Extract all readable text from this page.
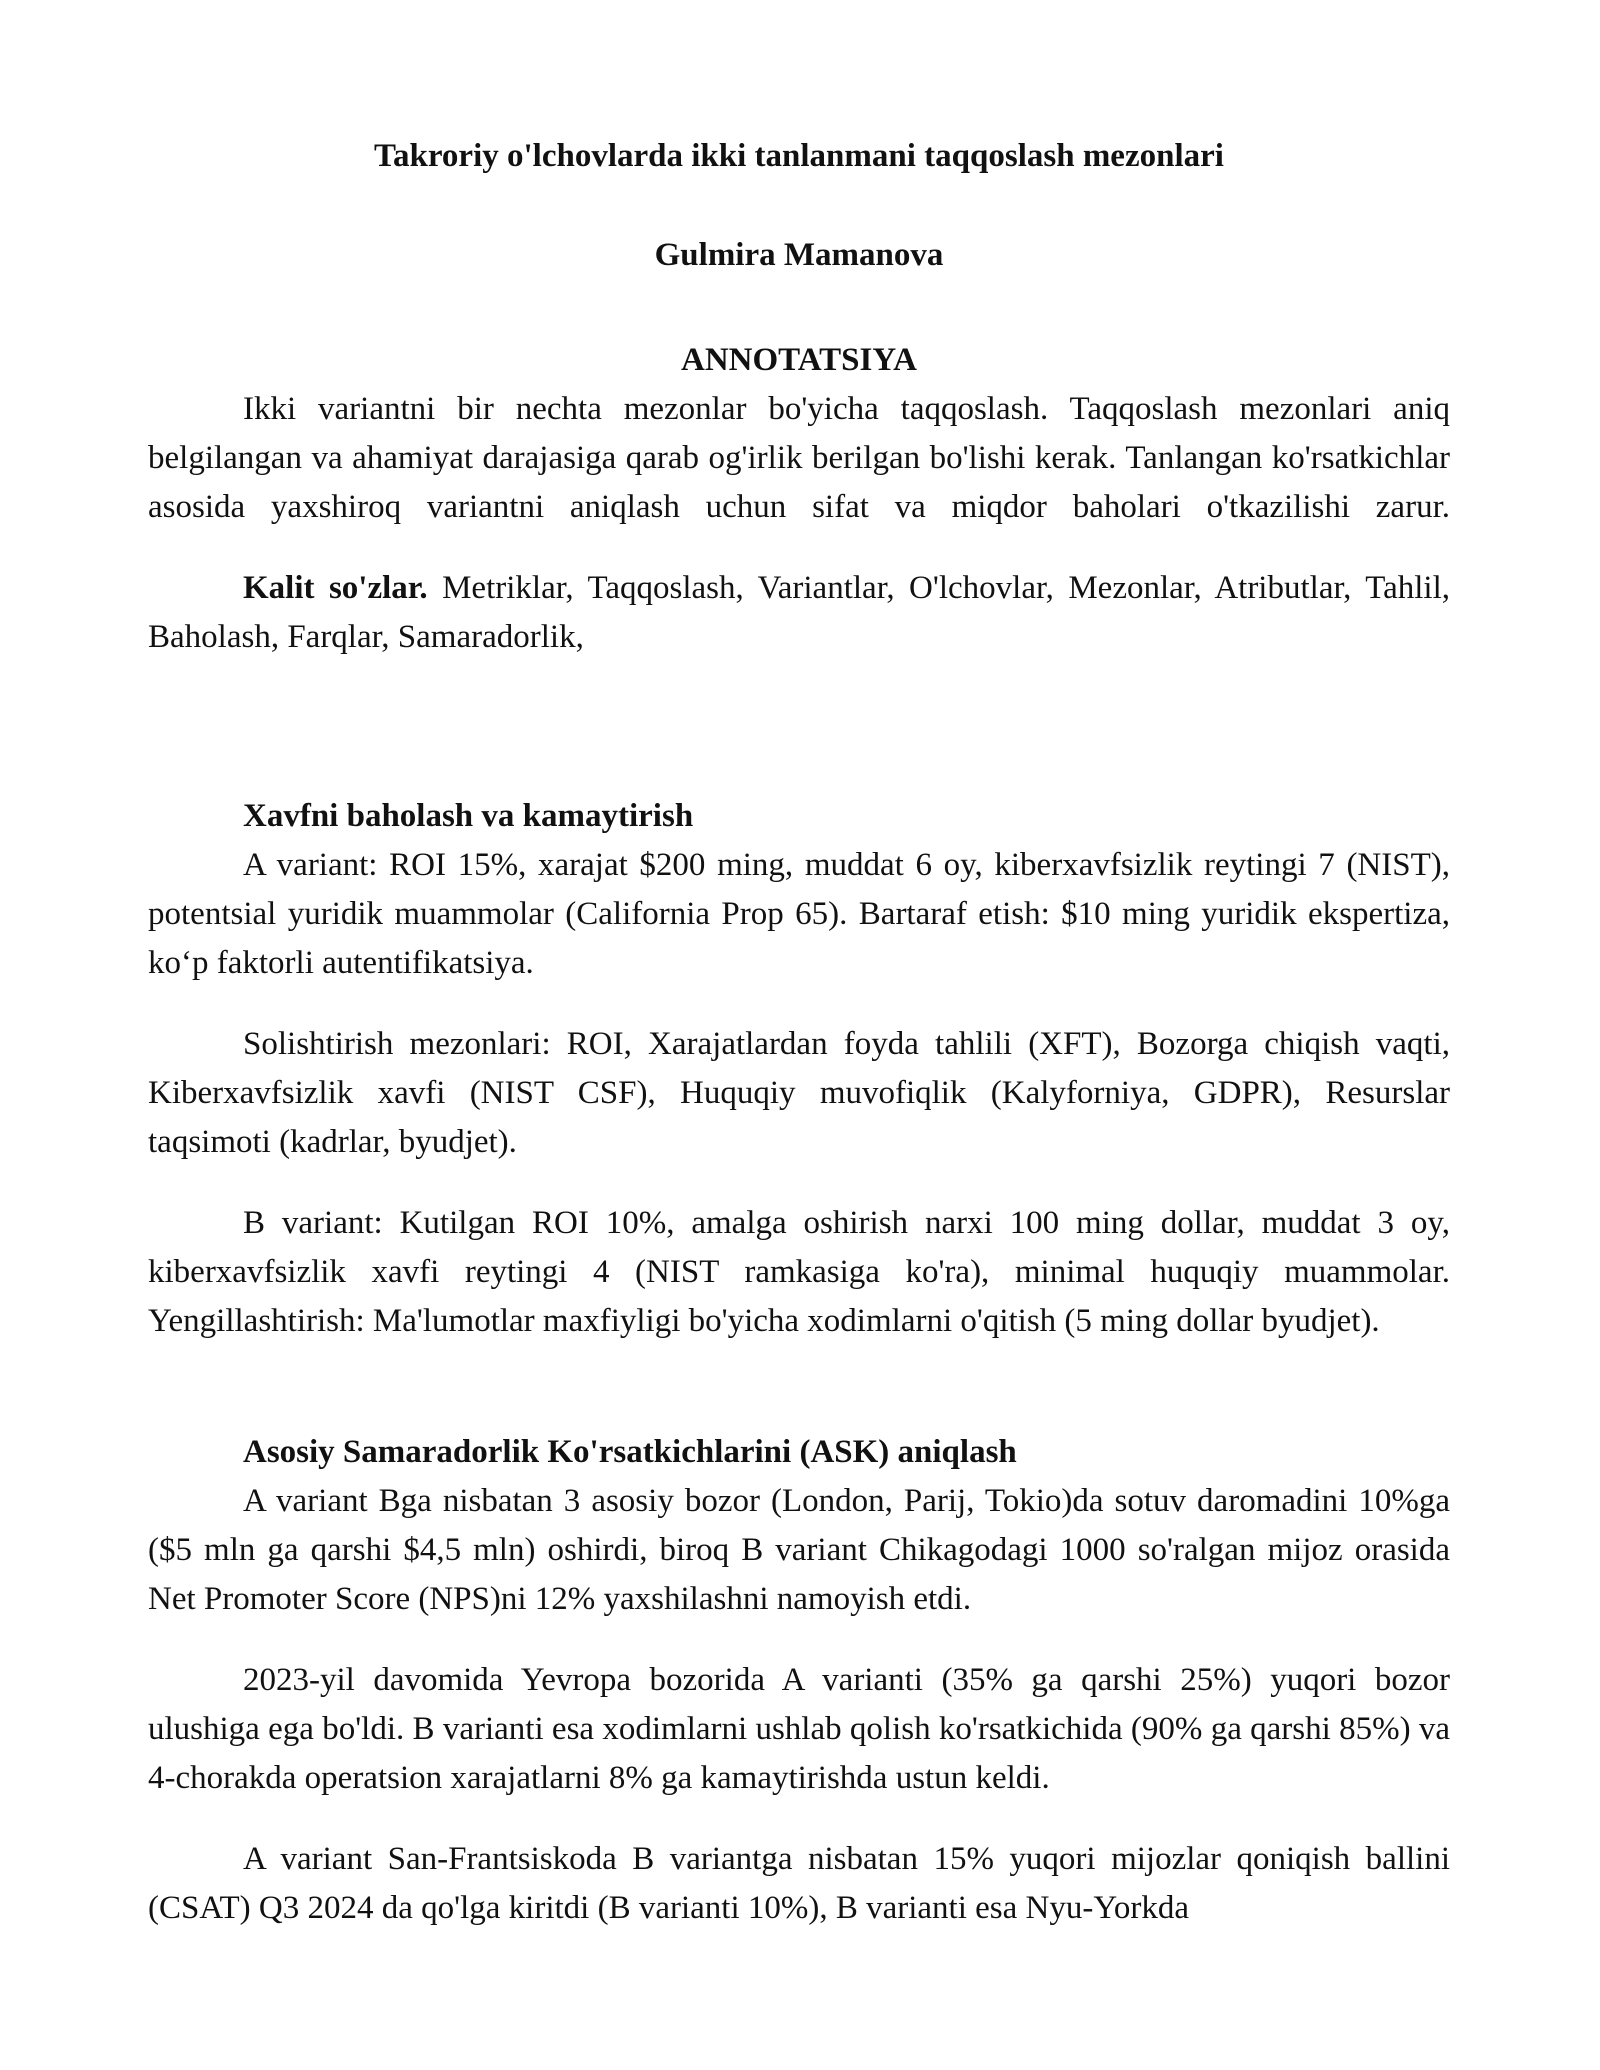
Takroriy o'lchovlarda ikki tanlanmani taqqoslash mezonlari
Gulmira Mamanova
ANNOTATSIYA

Ikki variantni bir nechta mezonlar bo'yicha taqqoslash. Taqqoslash mezonlari aniq belgilangan va ahamiyat darajasiga qarab og'irlik berilgan bo'lishi kerak. Tanlangan ko'rsatkichlar asosida yaxshiroq variantni aniqlash uchun sifat va miqdor baholari o'tkazilishi zarur.

Kalit so'zlar. Metriklar, Taqqoslash, Variantlar, O'lchovlar, Mezonlar, Atributlar, Tahlil, Baholash, Farqlar, Samaradorlik,

Xavfni baholash va kamaytirish

A variant: ROI 15%, xarajat $200 ming, muddat 6 oy, kiberxavfsizlik reytingi 7 (NIST), potentsial yuridik muammolar (California Prop 65). Bartaraf etish: $10 ming yuridik ekspertiza, ko‘p faktorli autentifikatsiya.

Solishtirish mezonlari: ROI, Xarajatlardan foyda tahlili (XFT), Bozorga chiqish vaqti, Kiberxavfsizlik xavfi (NIST CSF), Huquqiy muvofiqlik (Kalyforniya, GDPR), Resurslar taqsimoti (kadrlar, byudjet).

B variant: Kutilgan ROI 10%, amalga oshirish narxi 100 ming dollar, muddat 3 oy, kiberxavfsizlik xavfi reytingi 4 (NIST ramkasiga ko'ra), minimal huquqiy muammolar. Yengillashtirish: Ma'lumotlar maxfiyligi bo'yicha xodimlarni o'qitish (5 ming dollar byudjet).

Asosiy Samaradorlik Ko'rsatkichlarini (ASK) aniqlash

A variant Bga nisbatan 3 asosiy bozor (London, Parij, Tokio)da sotuv daromadini 10%ga ($5 mln ga qarshi $4,5 mln) oshirdi, biroq B variant Chikagodagi 1000 so'ralgan mijoz orasida Net Promoter Score (NPS)ni 12% yaxshilashni namoyish etdi.

2023-yil davomida Yevropa bozorida A varianti (35% ga qarshi 25%) yuqori bozor ulushiga ega bo'ldi. B varianti esa xodimlarni ushlab qolish ko'rsatkichida (90% ga qarshi 85%) va 4-chorakda operatsion xarajatlarni 8% ga kamaytirishda ustun keldi.

A variant San-Frantsiskoda B variantga nisbatan 15% yuqori mijozlar qoniqish ballini (CSAT) Q3 2024 da qo'lga kiritdi (B varianti 10%), B varianti esa Nyu-Yorkda
